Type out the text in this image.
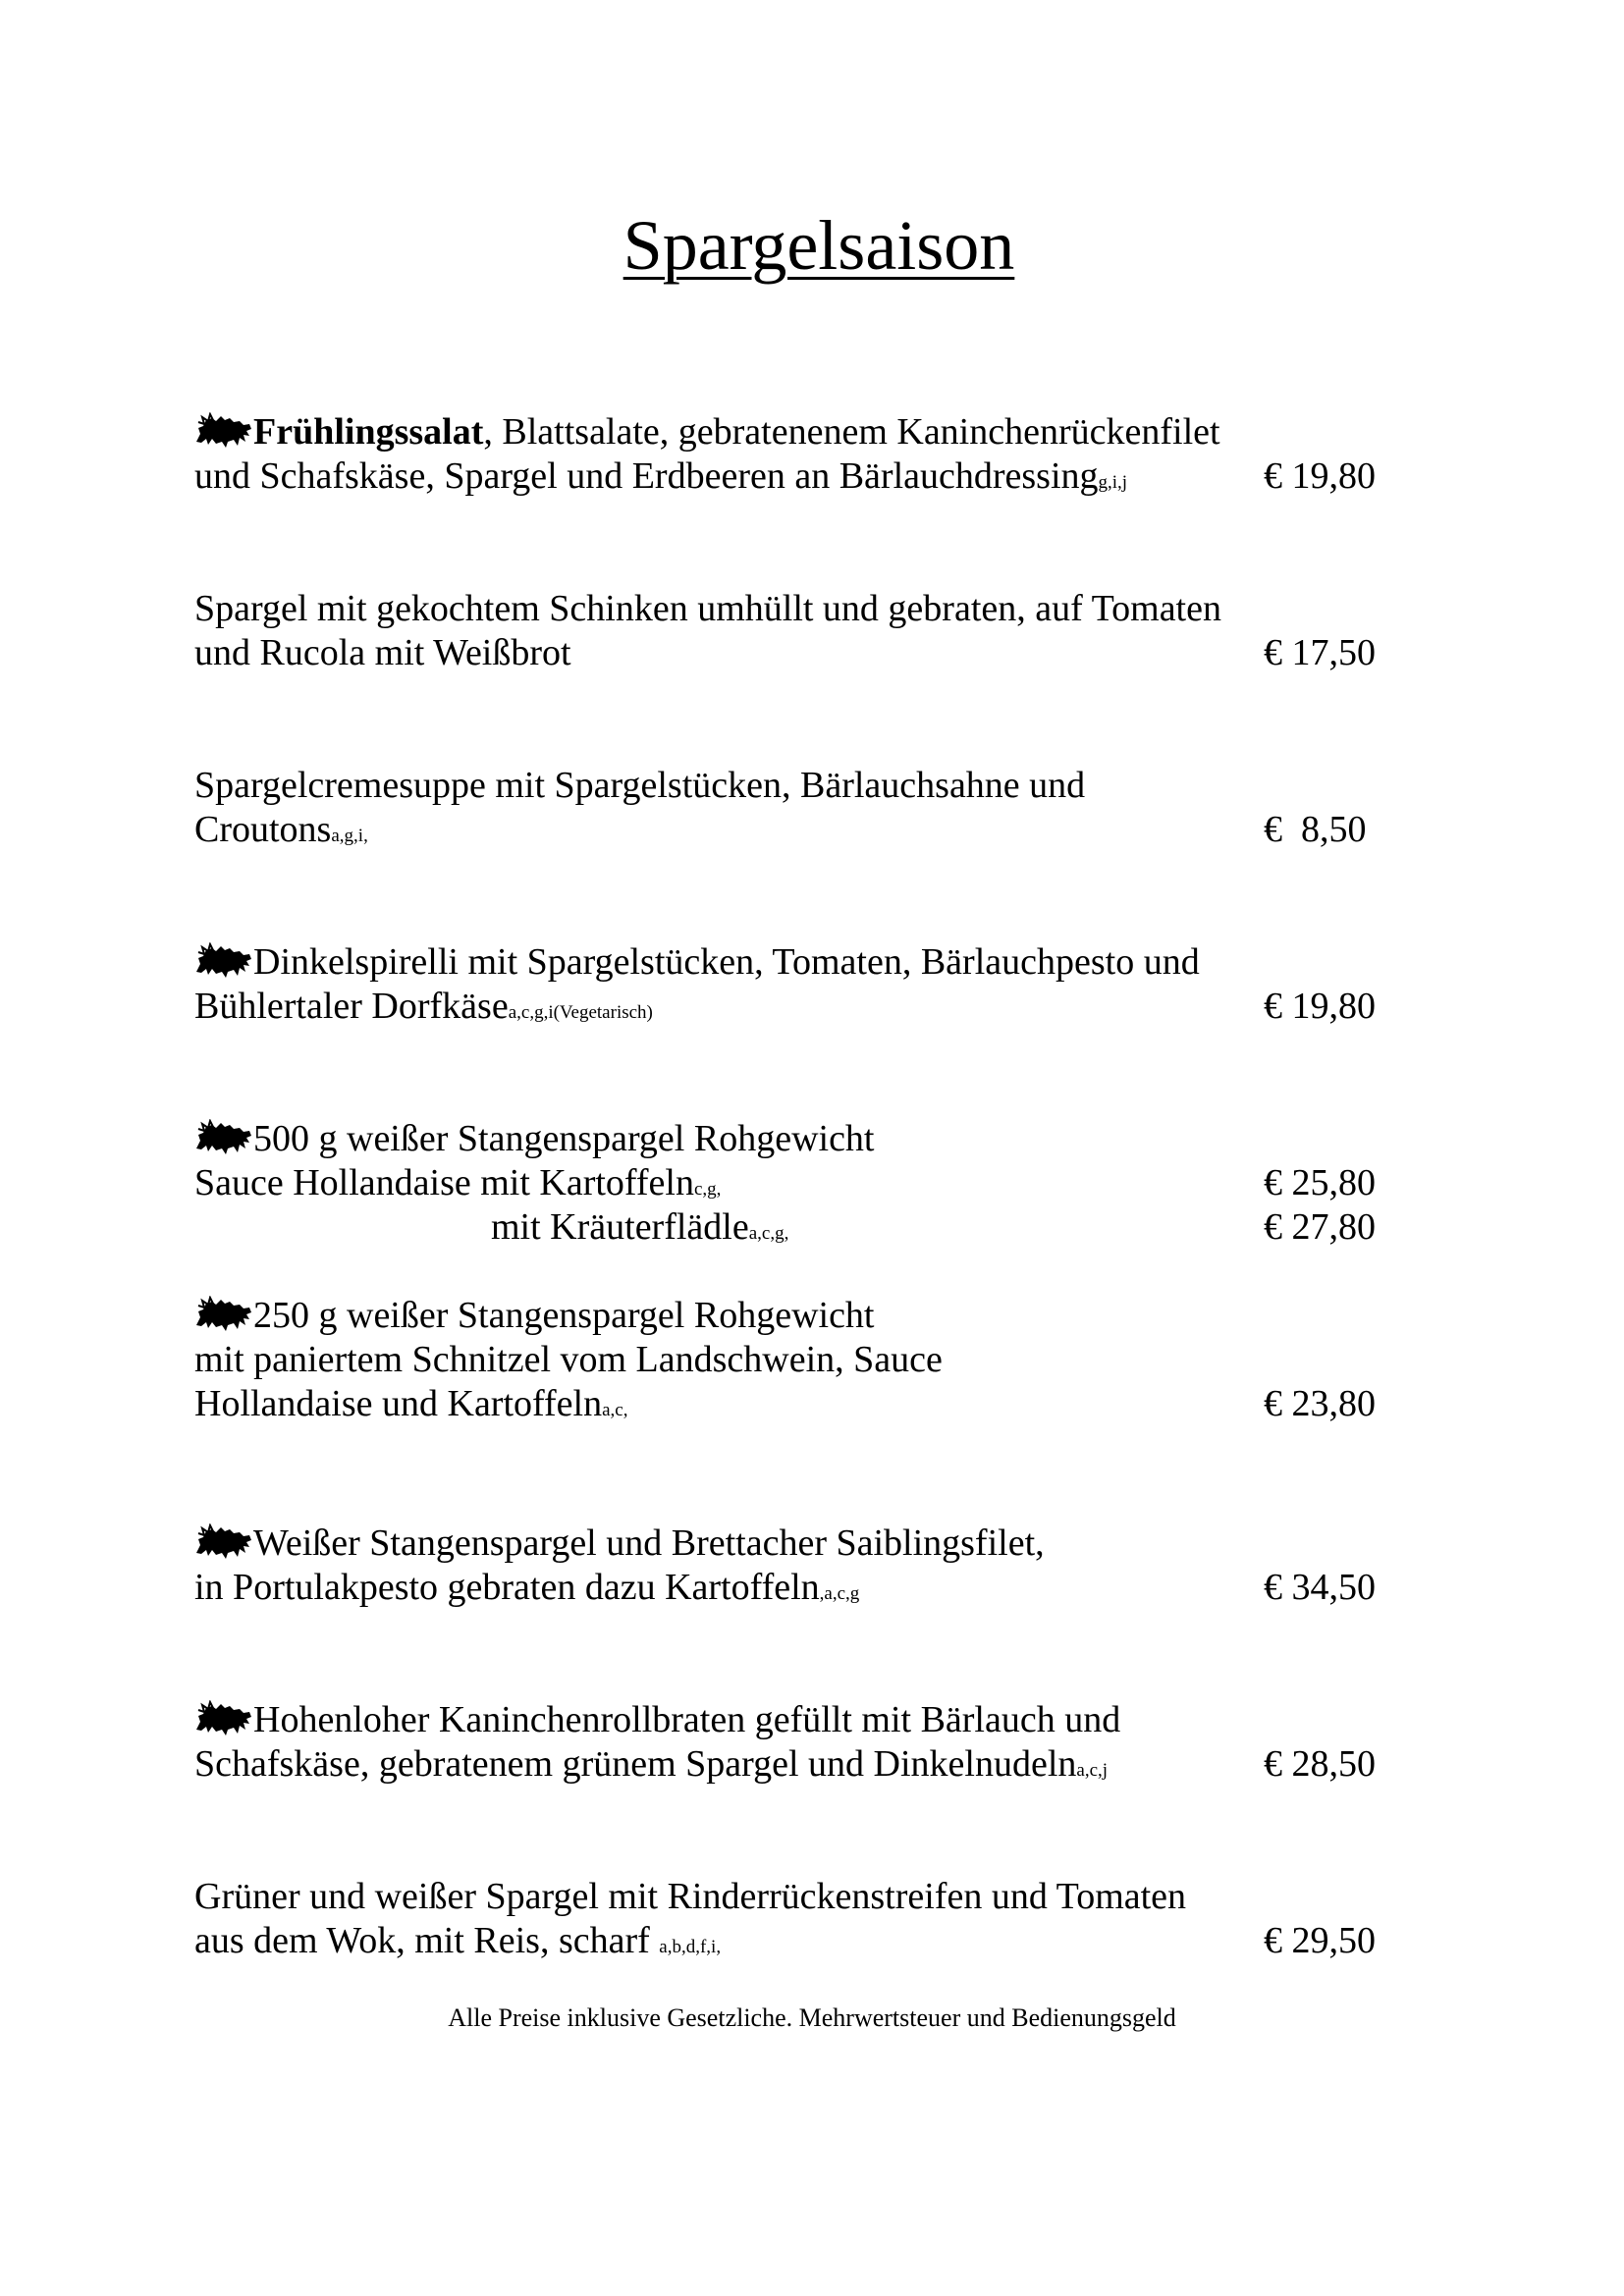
Spargelsaison
Frühlingssalat, Blattsalate, gebratenenem Kaninchenrückenfilet
und Schafskäse, Spargel und Erdbeeren an Bärlauchdressingg,i,j	€ 19,80
Spargel mit gekochtem Schinken umhüllt und gebraten, auf Tomaten
und Rucola mit Weißbrot	€ 17,50
Spargelcremesuppe mit Spargelstücken, Bärlauchsahne und
Croutonsa,g,i,	€  8,50
Dinkelspirelli mit Spargelstücken, Tomaten, Bärlauchpesto und
Bühlertaler Dorfkäsea,c,g,i(Vegetarisch)	€ 19,80
500 g weißer Stangenspargel Rohgewicht
Sauce Hollandaise mit Kartoffelnc,g,	€ 25,80
mit Kräuterflädlea,c,g,	€ 27,80
250 g weißer Stangenspargel Rohgewicht
mit paniertem Schnitzel vom Landschwein, Sauce
Hollandaise und Kartoffelna,c,	€ 23,80
Weißer Stangenspargel und Brettacher Saiblingsfilet,
in Portulakpesto gebraten dazu Kartoffeln,a,c,g	€ 34,50
Hohenloher Kaninchenrollbraten gefüllt mit Bärlauch und
Schafskäse, gebratenem grünem Spargel und Dinkelnudelna,c,j	€ 28,50
Grüner und weißer Spargel mit Rinderrückenstreifen und Tomaten
aus dem Wok, mit Reis, scharf a,b,d,f,i,	€ 29,50
Alle Preise inklusive Gesetzliche. Mehrwertsteuer und Bedienungsgeld
